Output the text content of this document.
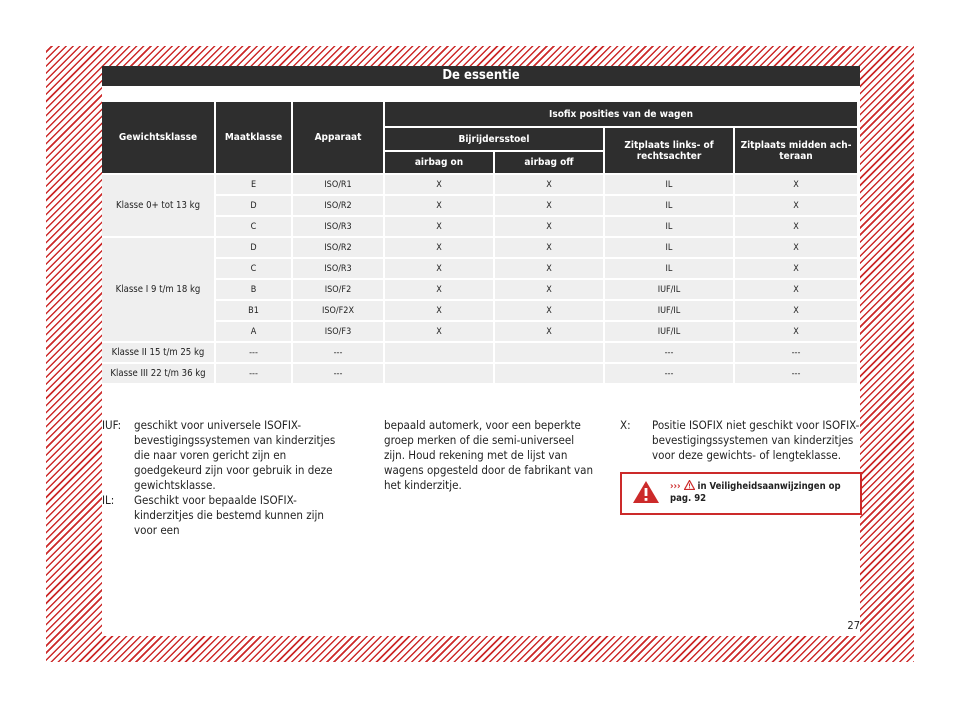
De essentie
Gewichtsklasse	Maatklasse	Apparaat	Isofix posities van de wagen			
			Bijrijdersstoel		Zitplaats links- of rechtsachter	Zitplaats midden ach-teraan
			airbag on	airbag off		
Klasse 0+ tot 13 kg	E	ISO/R1	X	X	IL	X
	D	ISO/R2	X	X	IL	X
	C	ISO/R3	X	X	IL	X
Klasse I 9 t/m 18 kg	D	ISO/R2	X	X	IL	X
	C	ISO/R3	X	X	IL	X
	B	ISO/F2	X	X	IUF/IL	X
	B1	ISO/F2X	X	X	IUF/IL	X
	A	ISO/F3	X	X	IUF/IL	X
Klasse II 15 t/m 25 kg	---	---			---	---
Klasse III 22 t/m 36 kg	---	---			---	---
IUF:	geschikt voor universele ISOFIX-bevestigingssystemen van kinderzitjes die naar voren gericht zijn en goedgekeurd zijn voor gebruik in deze gewichtsklasse.
IL:	Geschikt voor bepaalde ISOFIX-kinderzitjes die bestemd kunnen zijn voor een
bepaald automerk, voor een beperkte groep merken of die semi-universeel zijn. Houd rekening met de lijst van wagens opgesteld door de fabrikant van het kinderzitje.
X:	Positie ISOFIX niet geschikt voor ISOFIX-bevestigingssystemen van kinderzitjes voor deze gewichts- of lengteklasse.
›››  in Veiligheidsaanwijzingen op pag. 92
27
